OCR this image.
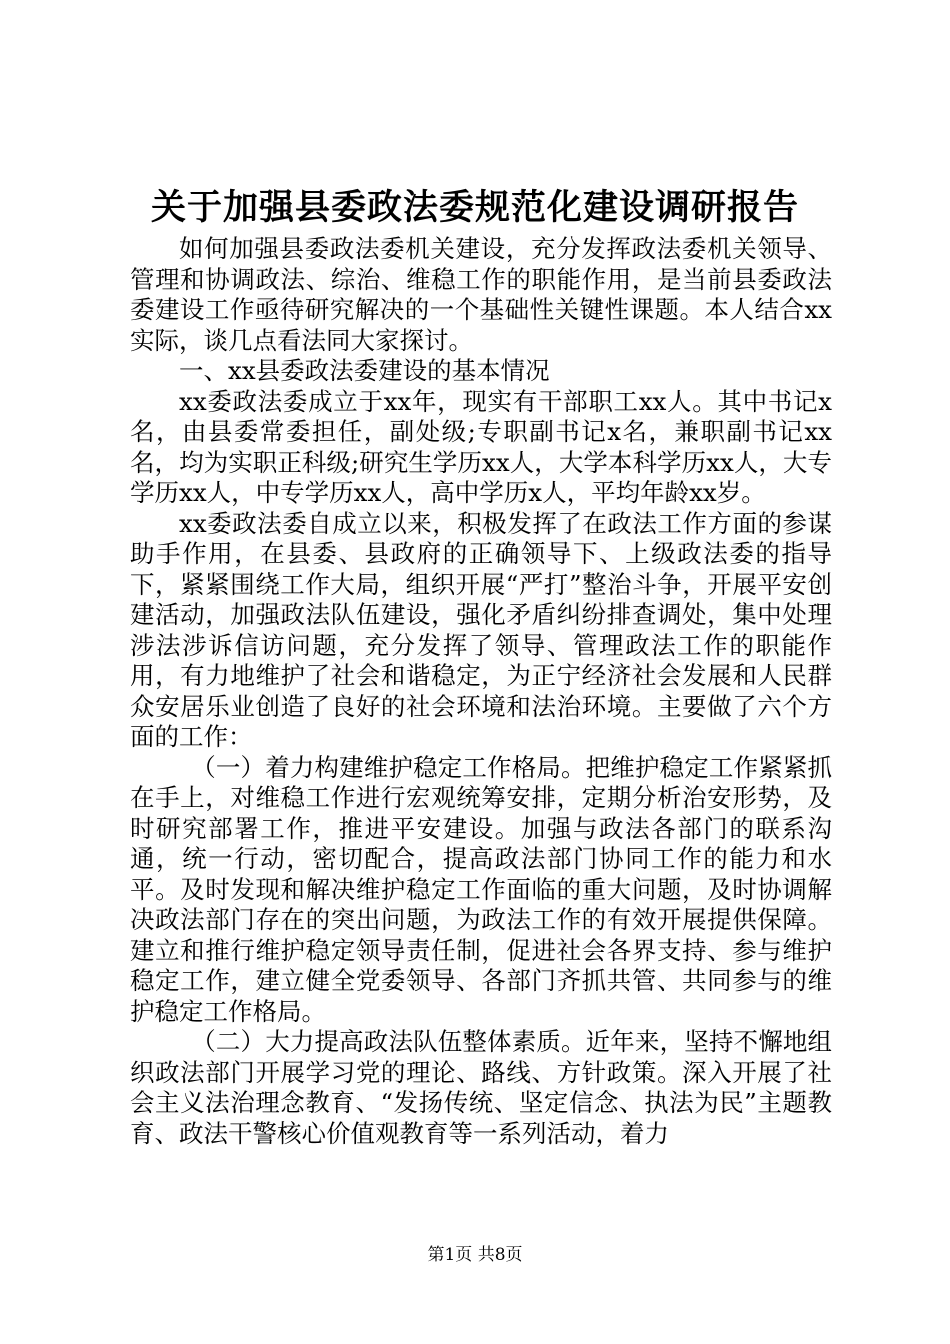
关于加强县委政法委规范化建设调研报告

如何加强县委政法委机关建设，充分发挥政法委机关领导、管理和协调政法、综治、维稳工作的职能作用，是当前县委政法委建设工作亟待研究解决的一个基础性关键性课题。本人结合xx实际，谈几点看法同大家探讨。

一、xx县委政法委建设的基本情况

xx委政法委成立于xx年，现实有干部职工xx人。其中书记x名，由县委常委担任，副处级;专职副书记x名，兼职副书记xx名，均为实职正科级;研究生学历xx人，大学本科学历xx人，大专学历xx人，中专学历xx人，高中学历x人，平均年龄xx岁。

xx委政法委自成立以来，积极发挥了在政法工作方面的参谋助手作用，在县委、县政府的正确领导下、上级政法委的指导下，紧紧围绕工作大局，组织开展“严打”整治斗争，开展平安创建活动，加强政法队伍建设，强化矛盾纠纷排查调处，集中处理涉法涉诉信访问题，充分发挥了领导、管理政法工作的职能作用，有力地维护了社会和谐稳定，为正宁经济社会发展和人民群众安居乐业创造了良好的社会环境和法治环境。主要做了六个方面的工作：

（一）着力构建维护稳定工作格局。把维护稳定工作紧紧抓在手上，对维稳工作进行宏观统筹安排，定期分析治安形势，及时研究部署工作，推进平安建设。加强与政法各部门的联系沟通，统一行动，密切配合，提高政法部门协同工作的能力和水平。及时发现和解决维护稳定工作面临的重大问题，及时协调解决政法部门存在的突出问题，为政法工作的有效开展提供保障。建立和推行维护稳定领导责任制，促进社会各界支持、参与维护稳定工作，建立健全党委领导、各部门齐抓共管、共同参与的维护稳定工作格局。

（二）大力提高政法队伍整体素质。近年来，坚持不懈地组织政法部门开展学习党的理论、路线、方针政策。深入开展了社会主义法治理念教育、“发扬传统、坚定信念、执法为民”主题教育、政法干警核心价值观教育等一系列活动，着力

第1页 共8页
